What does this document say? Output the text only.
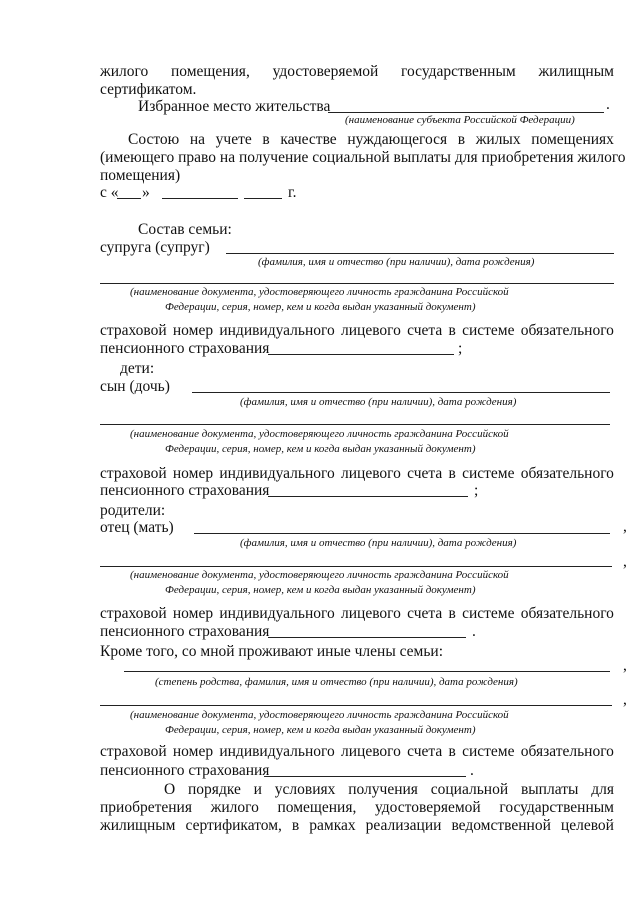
жилого помещения, удостоверяемой государственным жилищным
сертификатом.
Избранное место жительства	.
(наименование субъекта Российской Федерации)
Состою на учете в качестве нуждающегося в жилых помещениях
(имеющего право на получение социальной выплаты для приобретения жилого
помещения)
с « »	г.
Состав семьи:
супруга (супруг)
(фамилия, имя и отчество (при наличии), дата рождения)
(наименование документа, удостоверяющего личность гражданина Российской
Федерации, серия, номер, кем и когда выдан указанный документ)
страховой номер индивидуального лицевого счета в системе обязательного
пенсионного страхования	;
дети:
сын (дочь)
(фамилия, имя и отчество (при наличии), дата рождения)
(наименование документа, удостоверяющего личность гражданина Российской
Федерации, серия, номер, кем и когда выдан указанный документ)
страховой номер индивидуального лицевого счета в системе обязательного
пенсионного страхования	;
родители:
отец (мать)	,
(фамилия, имя и отчество (при наличии), дата рождения)
,
(наименование документа, удостоверяющего личность гражданина Российской
Федерации, серия, номер, кем и когда выдан указанный документ)
страховой номер индивидуального лицевого счета в системе обязательного
пенсионного страхования	.
Кроме того, со мной проживают иные члены семьи:
,
(степень родства, фамилия, имя и отчество (при наличии), дата рождения)
,
(наименование документа, удостоверяющего личность гражданина Российской
Федерации, серия, номер, кем и когда выдан указанный документ)
страховой номер индивидуального лицевого счета в системе обязательного
пенсионного страхования	.
О порядке и условиях получения социальной выплаты для
приобретения жилого помещения, удостоверяемой государственным
жилищным сертификатом, в рамках реализации ведомственной целевой
